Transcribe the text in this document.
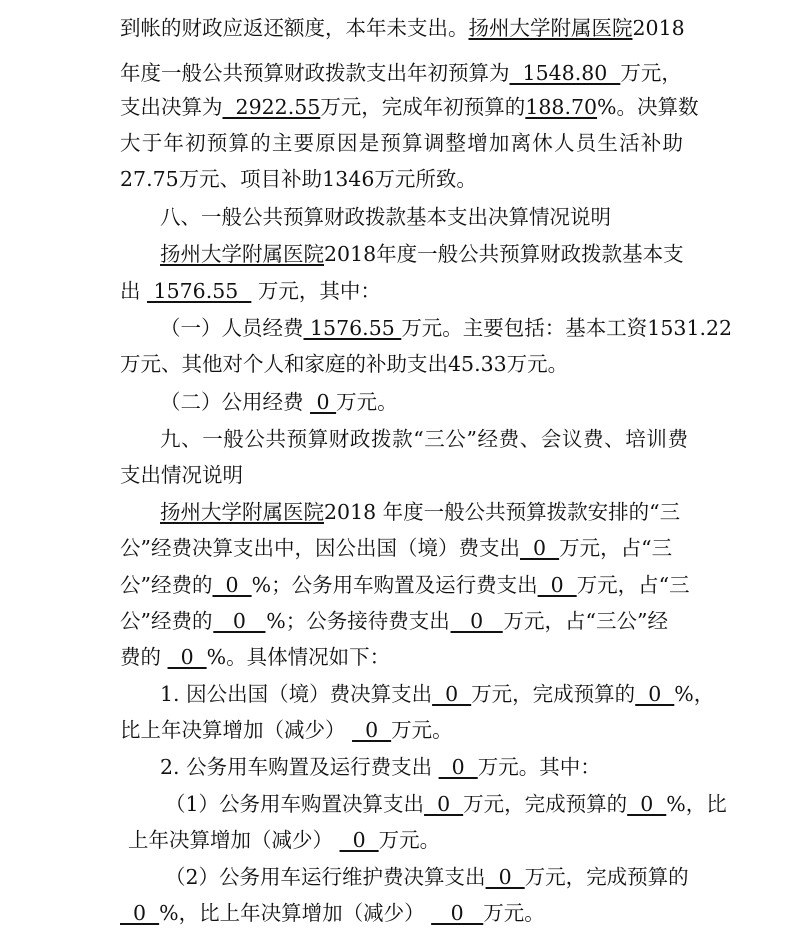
到帐的财政应返还额度，本年未支出。 扬州大学附属医院 2018
年度一般公共预算财政拨款支出年初预算为 1548.80 万元，
支出决算为 2922.55 万元，完成年初预算的 188.70 %。决算数
大于年初预算的主要原因是预算调整增加离休人员生活补助
27.75万元、项目补助1346万元所致。
八、一般公共预算财政拨款基本支出决算情况说明
扬州大学附属医院 2018年度一般公共预算财政拨款基本支
出  1576.55   万元，其中：
（一）人员经费 1576.55 万元。主要包括：基本工资1531.22
万元、其他对个人和家庭的补助支出45.33万元。
（二）公用经费  0 万元。
九、一般公共预算财政拨款“三公”经费、会议费、培训费
支出情况说明
扬州大学附属医院 2018 年度一般公共预算拨款安排的“三
公”经费决算支出中，因公出国（境）费支出 0 万元，占“三
公”经费的 0 %；公务用车购置及运行费支出 0 万元，占“三
公”经费的 0 %；公务接待费支出 0 万元，占“三公”经
费的   0  %。具体情况如下：
1. 因公出国（境）费决算支出 0 万元，完成预算的 0 %，
比上年决算增加（减少）   0  万元。
2. 公务用车购置及运行费支出   0  万元。其中：
（1）公务用车购置决算支出 0 万元，完成预算的 0 %，比
上年决算增加（减少）   0  万元。
（2）公务用车运行维护费决算支出 0 万元，完成预算的
0  %，比上年决算增加（减少）    0   万元。
